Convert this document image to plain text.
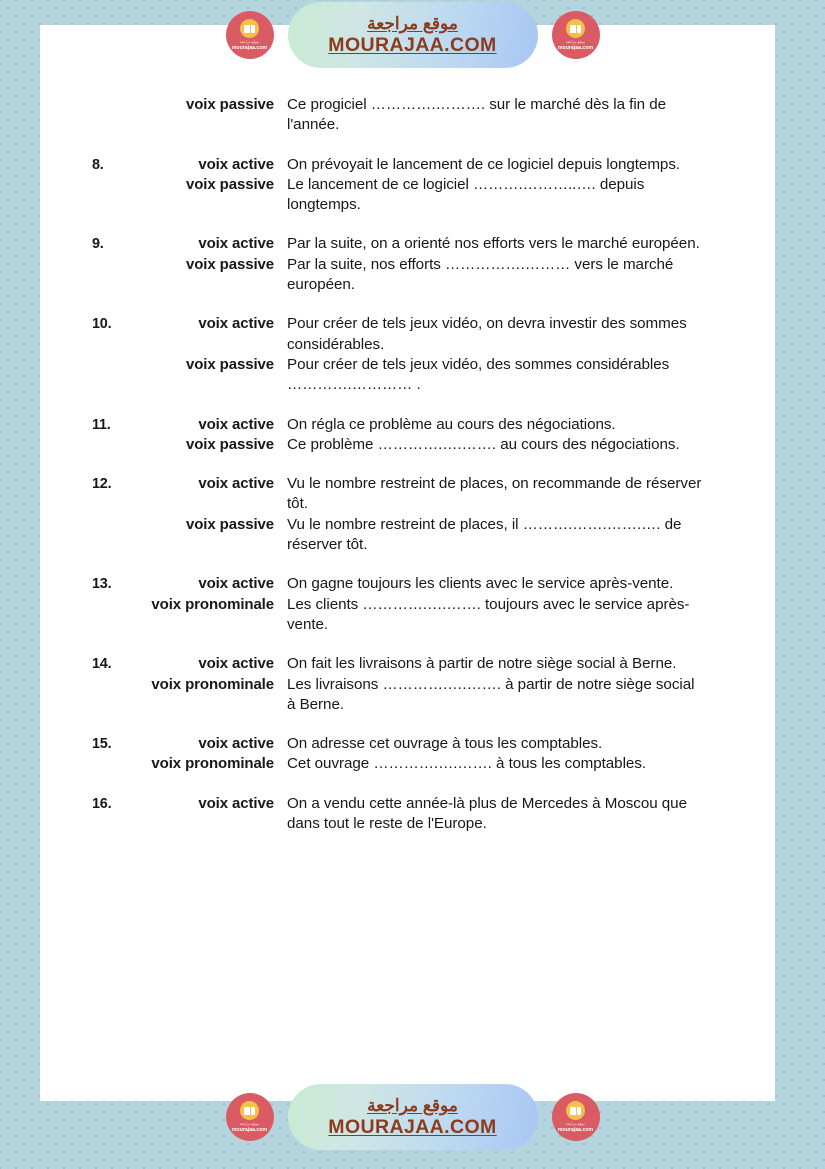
voix passive Ce progiciel ………….………. sur le marché dès la fin de l'année.
8.	voix active On prévoyait le lancement de ce logiciel depuis longtemps.
voix passive Le lancement de ce logiciel ……….………..…. depuis longtemps.
9.	voix active Par la suite, on a orienté nos efforts vers le marché européen.
voix passive Par la suite, nos efforts …………….……… vers le marché européen.
10.	voix active Pour créer de tels jeux vidéo, on devra investir des sommes considérables.
voix passive Pour créer de tels jeux vidéo, des sommes considérables ………….………… .
11.	voix active On régla ce problème au cours des négociations.
voix passive Ce problème ………….….……. au cours des négociations.
12.	voix active Vu le nombre restreint de places, on recommande de réserver tôt.
voix passive Vu le nombre restreint de places, il ……….…….…….…. de réserver tôt.
13.	voix active On gagne toujours les clients avec le service après-vente.
voix pronominale Les clients ………….….……. toujours avec le service après-vente.
14.	voix active On fait les livraisons à partir de notre siège social à Berne.
voix pronominale Les livraisons ………….….……. à partir de notre siège social à Berne.
15.	voix active On adresse cet ouvrage à tous les comptables.
voix pronominale Cet ouvrage ………….….……. à tous les comptables.
16.	voix active On a vendu cette année-là plus de Mercedes à Moscou que dans tout le reste de l'Europe.
موقع مراجعة
mourajaa.com
موقع مراجعة
MOURAJAA.COM	موقع مراجعة
mourajaa.com
موقع مراجعة
mourajaa.com
موقع مراجعة
MOURAJAA.COM	موقع مراجعة
mourajaa.com
